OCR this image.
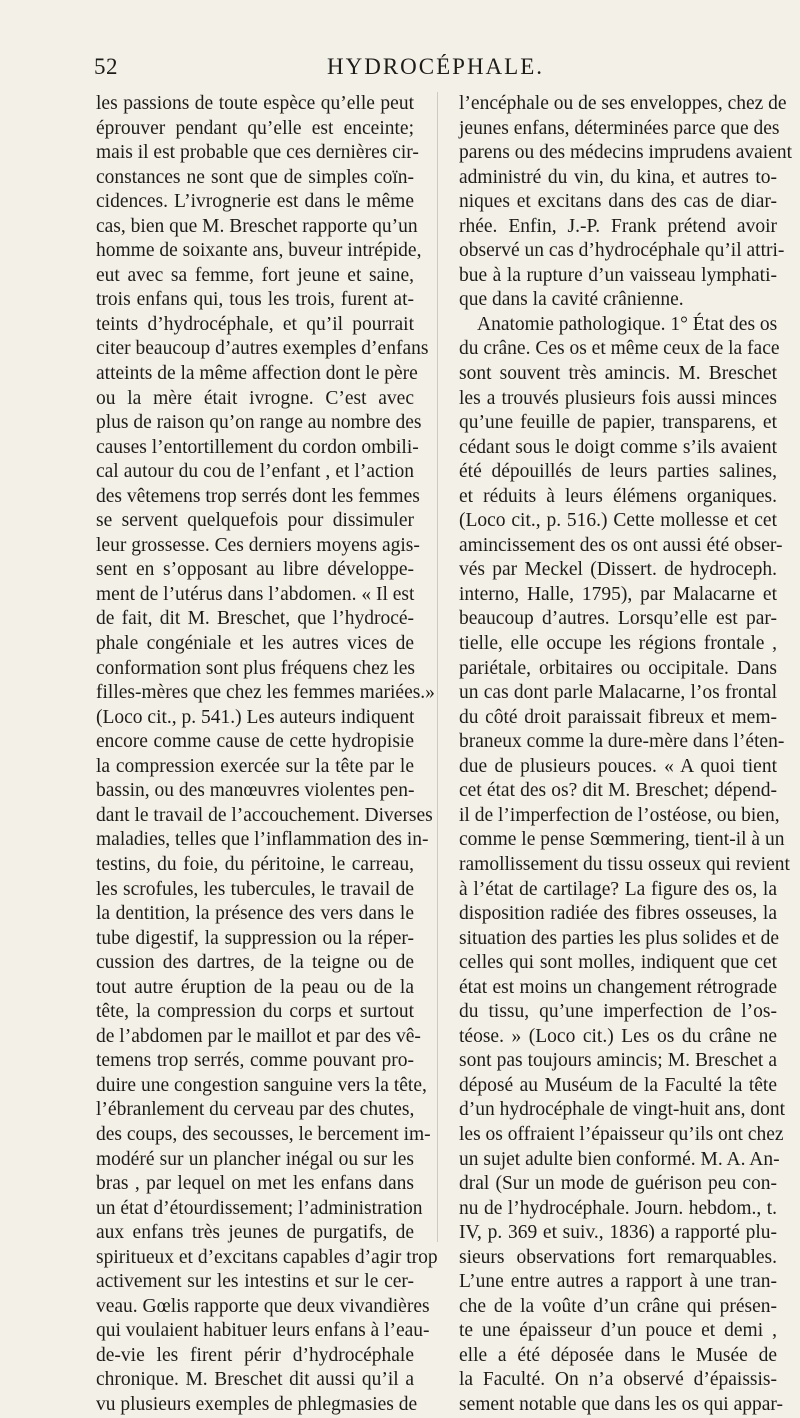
52	HYDROCÉPHALE.
les passions de toute espèce qu’elle peut
éprouver pendant qu’elle est enceinte;
mais il est probable que ces dernières cir-
constances ne sont que de simples coïn-
cidences. L’ivrognerie est dans le même
cas, bien que M. Breschet rapporte qu’un
homme de soixante ans, buveur intrépide,
eut avec sa femme, fort jeune et saine,
trois enfans qui, tous les trois, furent at-
teints d’hydrocéphale, et qu’il pourrait
citer beaucoup d’autres exemples d’enfans
atteints de la même affection dont le père
ou la mère était ivrogne. C’est avec
plus de raison qu’on range au nombre des
causes l’entortillement du cordon ombili-
cal autour du cou de l’enfant , et l’action
des vêtemens trop serrés dont les femmes
se servent quelquefois pour dissimuler
leur grossesse. Ces derniers moyens agis-
sent en s’opposant au libre développe-
ment de l’utérus dans l’abdomen. « Il est
de fait, dit M. Breschet, que l’hydrocé-
phale congéniale et les autres vices de
conformation sont plus fréquens chez les
filles-mères que chez les femmes mariées.»
(Loco cit., p. 541.) Les auteurs indiquent
encore comme cause de cette hydropisie
la compression exercée sur la tête par le
bassin, ou des manœuvres violentes pen-
dant le travail de l’accouchement. Diverses
maladies, telles que l’inflammation des in-
testins, du foie, du péritoine, le carreau,
les scrofules, les tubercules, le travail de
la dentition, la présence des vers dans le
tube digestif, la suppression ou la réper-
cussion des dartres, de la teigne ou de
tout autre éruption de la peau ou de la
tête, la compression du corps et surtout
de l’abdomen par le maillot et par des vê-
temens trop serrés, comme pouvant pro-
duire une congestion sanguine vers la tête,
l’ébranlement du cerveau par des chutes,
des coups, des secousses, le bercement im-
modéré sur un plancher inégal ou sur les
bras , par lequel on met les enfans dans
un état d’étourdissement; l’administration
aux enfans très jeunes de purgatifs, de
spiritueux et d’excitans capables d’agir trop
activement sur les intestins et sur le cer-
veau. Gœlis rapporte que deux vivandières
qui voulaient habituer leurs enfans à l’eau-
de-vie les firent périr d’hydrocéphale
chronique. M. Breschet dit aussi qu’il a
vu plusieurs exemples de phlegmasies de
l’encéphale ou de ses enveloppes, chez de
jeunes enfans, déterminées parce que des
parens ou des médecins imprudens avaient
administré du vin, du kina, et autres to-
niques et excitans dans des cas de diar-
rhée. Enfin, J.-P. Frank prétend avoir
observé un cas d’hydrocéphale qu’il attri-
bue à la rupture d’un vaisseau lymphati-
que dans la cavité crânienne.
Anatomie pathologique. 1° État des os
du crâne. Ces os et même ceux de la face
sont souvent très amincis. M. Breschet
les a trouvés plusieurs fois aussi minces
qu’une feuille de papier, transparens, et
cédant sous le doigt comme s’ils avaient
été dépouillés de leurs parties salines,
et réduits à leurs élémens organiques.
(Loco cit., p. 516.) Cette mollesse et cet
amincissement des os ont aussi été obser-
vés par Meckel (Dissert. de hydroceph.
interno, Halle, 1795), par Malacarne et
beaucoup d’autres. Lorsqu’elle est par-
tielle, elle occupe les régions frontale ,
pariétale, orbitaires ou occipitale. Dans
un cas dont parle Malacarne, l’os frontal
du côté droit paraissait fibreux et mem-
braneux comme la dure-mère dans l’éten-
due de plusieurs pouces. « A quoi tient
cet état des os? dit M. Breschet; dépend-
il de l’imperfection de l’ostéose, ou bien,
comme le pense Sœmmering, tient-il à un
ramollissement du tissu osseux qui revient
à l’état de cartilage? La figure des os, la
disposition radiée des fibres osseuses, la
situation des parties les plus solides et de
celles qui sont molles, indiquent que cet
état est moins un changement rétrograde
du tissu, qu’une imperfection de l’os-
téose. » (Loco cit.) Les os du crâne ne
sont pas toujours amincis; M. Breschet a
déposé au Muséum de la Faculté la tête
d’un hydrocéphale de vingt-huit ans, dont
les os offraient l’épaisseur qu’ils ont chez
un sujet adulte bien conformé. M. A. An-
dral (Sur un mode de guérison peu con-
nu de l’hydrocéphale. Journ. hebdom., t.
IV, p. 369 et suiv., 1836) a rapporté plu-
sieurs observations fort remarquables.
L’une entre autres a rapport à une tran-
che de la voûte d’un crâne qui présen-
te une épaisseur d’un pouce et demi ,
elle a été déposée dans le Musée de
la Faculté. On n’a observé d’épaissis-
sement notable que dans les os qui appar-
